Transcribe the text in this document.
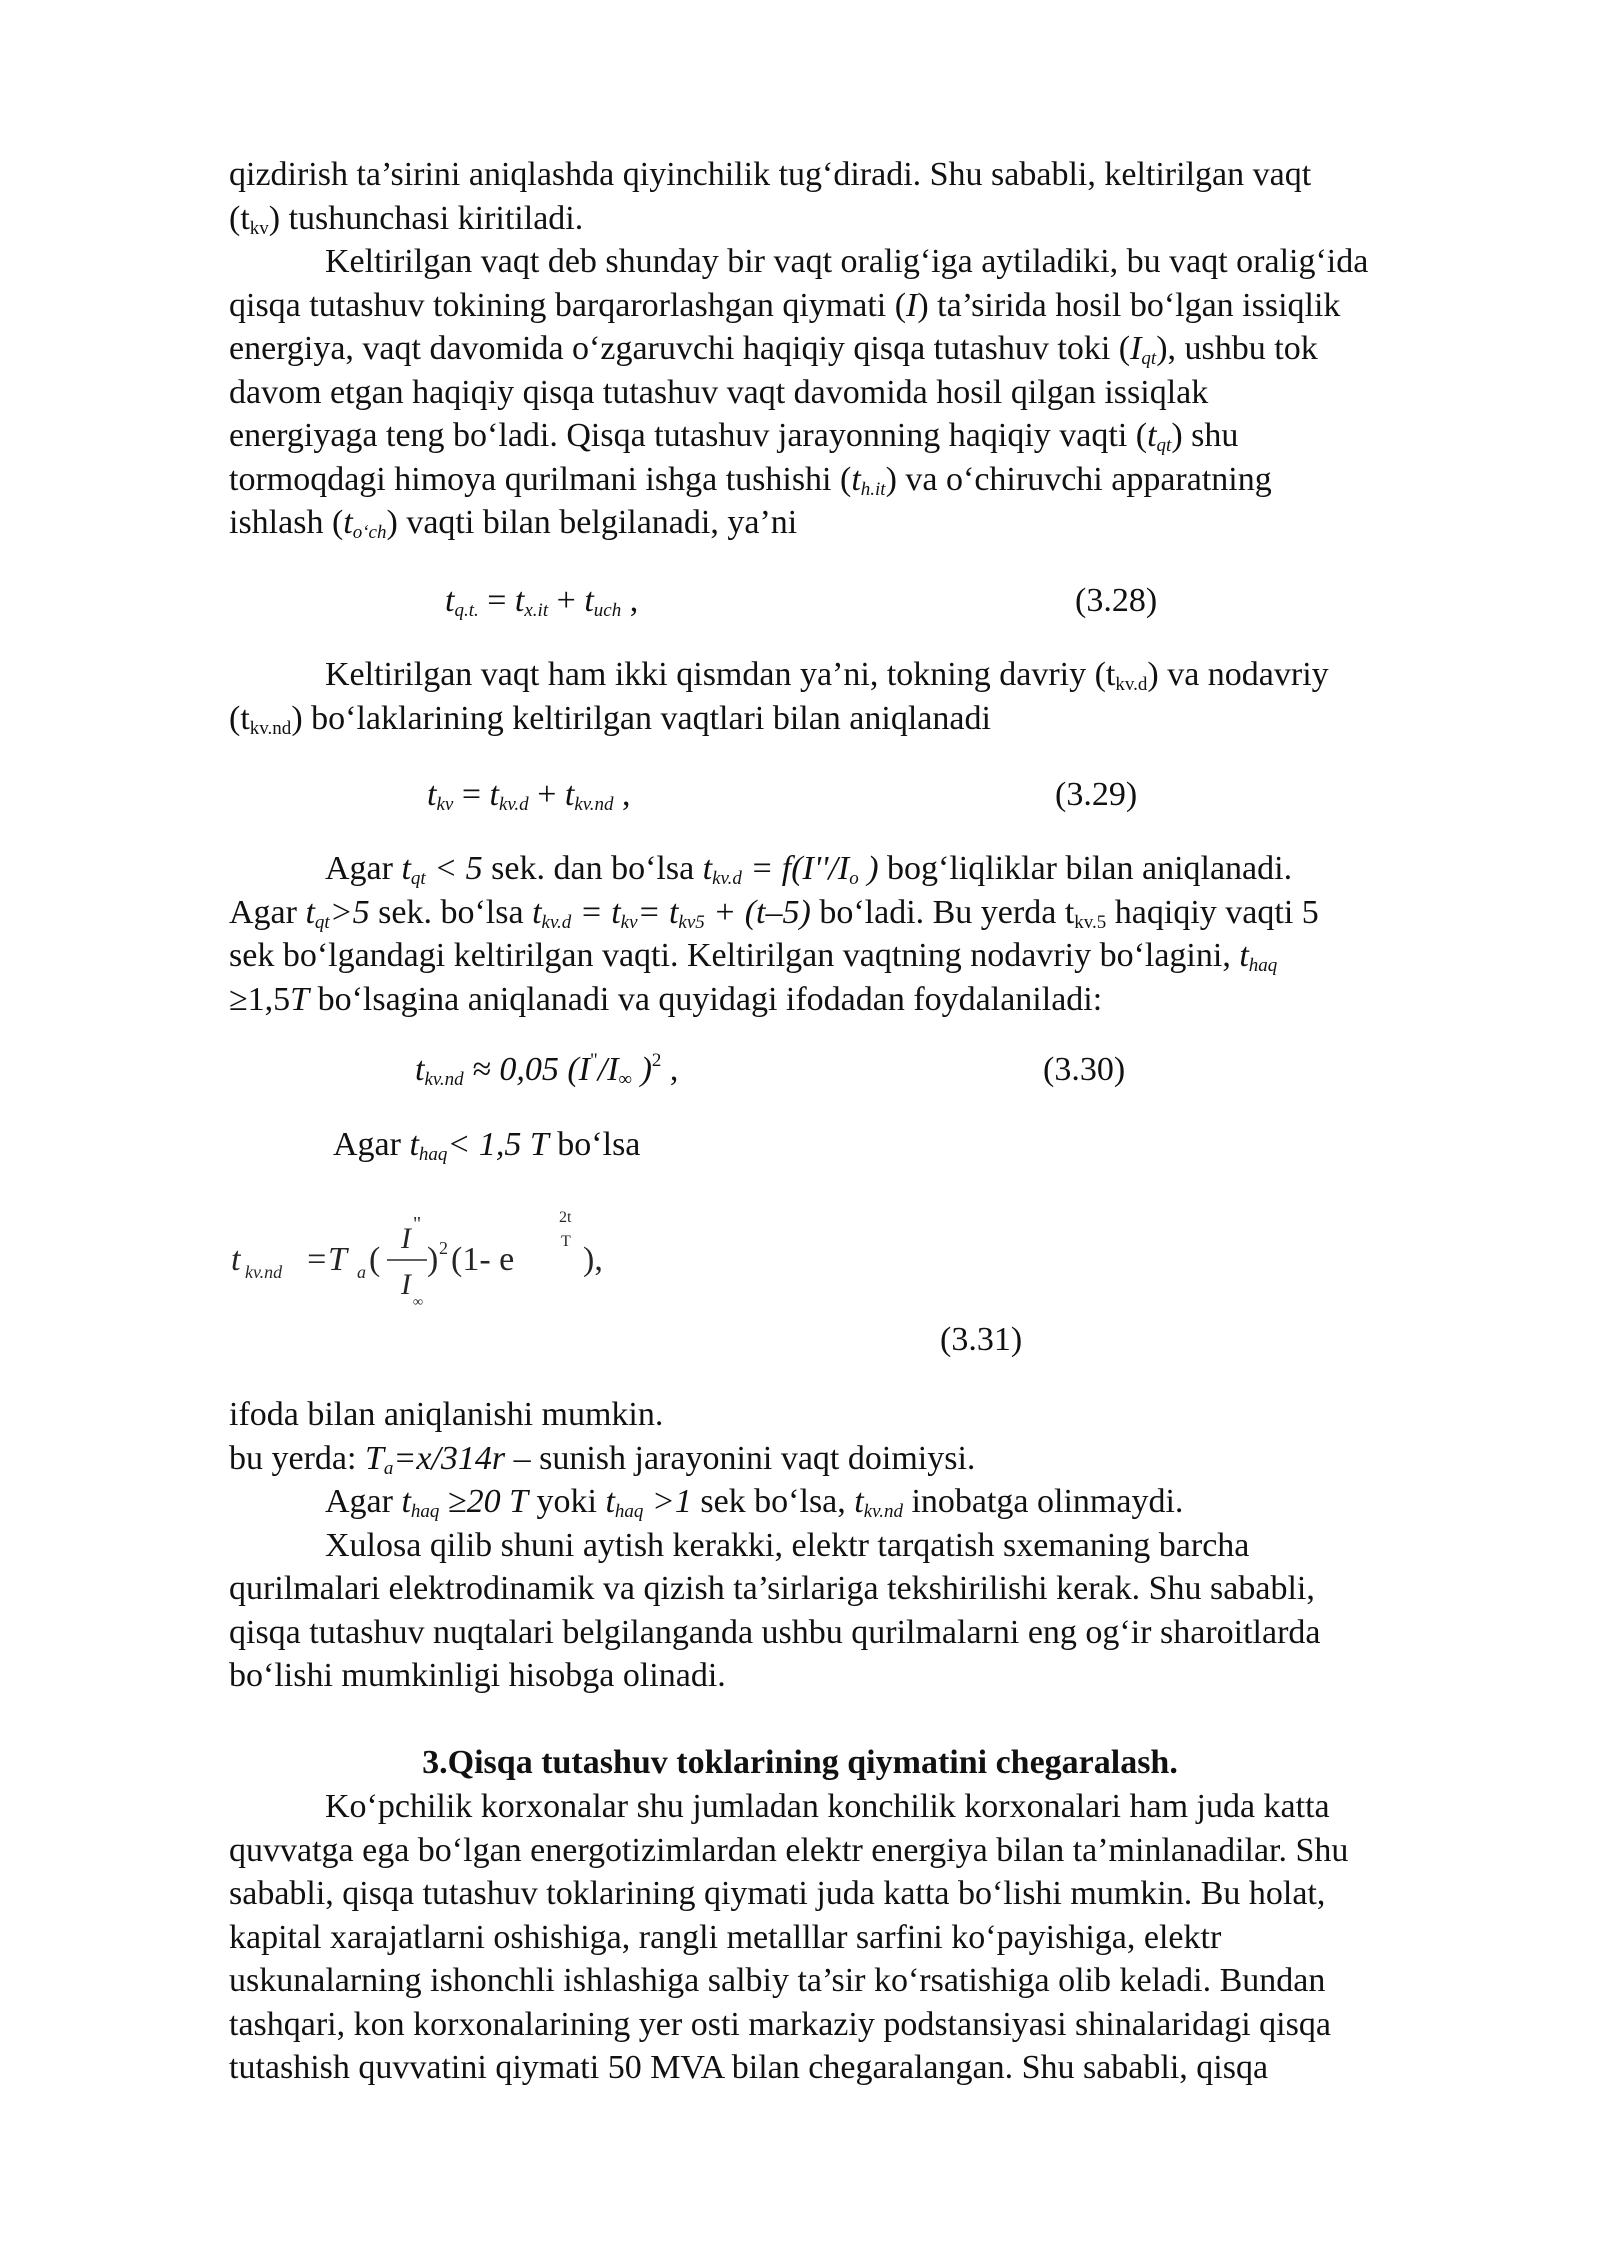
qizdirish ta’sirini aniqlashda qiyinchilik tug‘diradi. Shu sababli, keltirilgan vaqt
$(t_{kv})$ tushunchasi kiritiladi.
Keltirilgan vaqt deb shunday bir vaqt oralig‘iga aytiladiki, bu vaqt oralig‘ida
qisqa tutashuv tokining barqarorlashgan qiymati (I) ta’sirida hosil bo‘lgan issiqlik
energiya, vaqt davomida o‘zgaruvchi haqiqiy qisqa tutashuv toki $(I_{qt})$, ushbu tok
davom etgan haqiqiy qisqa tutashuv vaqt davomida hosil qilgan issiqlak
energiyaga teng bo‘ladi. Qisqa tutashuv jarayonning haqiqiy vaqti $(t_{qt})$ shu
tormoqdagi himoya qurilmani ishga tushishi $(t_{h.it})$ va o‘chiruvchi apparatning
ishlash $(t_{o‘ch})$ vaqti bilan belgilanadi, ya’ni
$t_{q.t.} = t_{x.it} + t_{uch}$ ,	(3.28)
Keltirilgan vaqt ham ikki qismdan ya’ni, tokning davriy $(t_{kv.d})$ va nodavriy
$(t_{kv.nd})$ bo‘laklarining keltirilgan vaqtlari bilan aniqlanadi
$t_{kv} = t_{kv.d} + t_{kv.nd}$ ,	(3.29)
Agar $t_{qt} < 5$ sek. dan bo‘lsa $t_{kv.d} = f(I''/I_o$ ) bog‘liqliklar bilan aniqlanadi.
Agar $t_{qt}>5$ sek. bo‘lsa $t_{kv.d} = t_{kv}= t_{kv5} + (t-5)$ bo‘ladi. Bu yerda $t_{kv.5}$ haqiqiy vaqti 5
sek bo‘lgandagi keltirilgan vaqti. Keltirilgan vaqtning nodavriy bo‘lagini, $t_{haq}$
≥1,5T bo‘lsagina aniqlanadi va quyidagi ifodadan foydalaniladi:
$t_{kv.nd} \approx 0,05$ ($I^"/I_\infty$ )$^2$ ,	(3.30)
Agar $t_{haq}< 1,5$ T bo‘lsa
t kv.nd =T a (
I "
I
∞
) 2 (1- e
2t
T ),
(3.31)
ifoda bilan aniqlanishi mumkin.
bu yerda: $T_a=x/314r$ – sunish jarayonini vaqt doimiysi.
Agar $t_{haq} \ge 20$ T yoki $t_{haq} >1$ sek bo‘lsa, $t_{kv.nd}$ inobatga olinmaydi.
Xulosa qilib shuni aytish kerakki, elektr tarqatish sxemaning barcha
qurilmalari elektrodinamik va qizish ta’sirlariga tekshirilishi kerak. Shu sababli,
qisqa tutashuv nuqtalari belgilanganda ushbu qurilmalarni eng og‘ir sharoitlarda
bo‘lishi mumkinligi hisobga olinadi.
3.Qisqa tutashuv toklarining qiymatini chegaralash.
Ko‘pchilik korxonalar shu jumladan konchilik korxonalari ham juda katta
quvvatga ega bo‘lgan energotizimlardan elektr energiya bilan ta’minlanadilar. Shu
sababli, qisqa tutashuv toklarining qiymati juda katta bo‘lishi mumkin. Bu holat,
kapital xarajatlarni oshishiga, rangli metalllar sarfini ko‘payishiga, elektr
uskunalarning ishonchli ishlashiga salbiy ta’sir ko‘rsatishiga olib keladi. Bundan
tashqari, kon korxonalarining yer osti markaziy podstansiyasi shinalaridagi qisqa
tutashish quvvatini qiymati 50 MVA bilan chegaralangan. Shu sababli, qisqa
